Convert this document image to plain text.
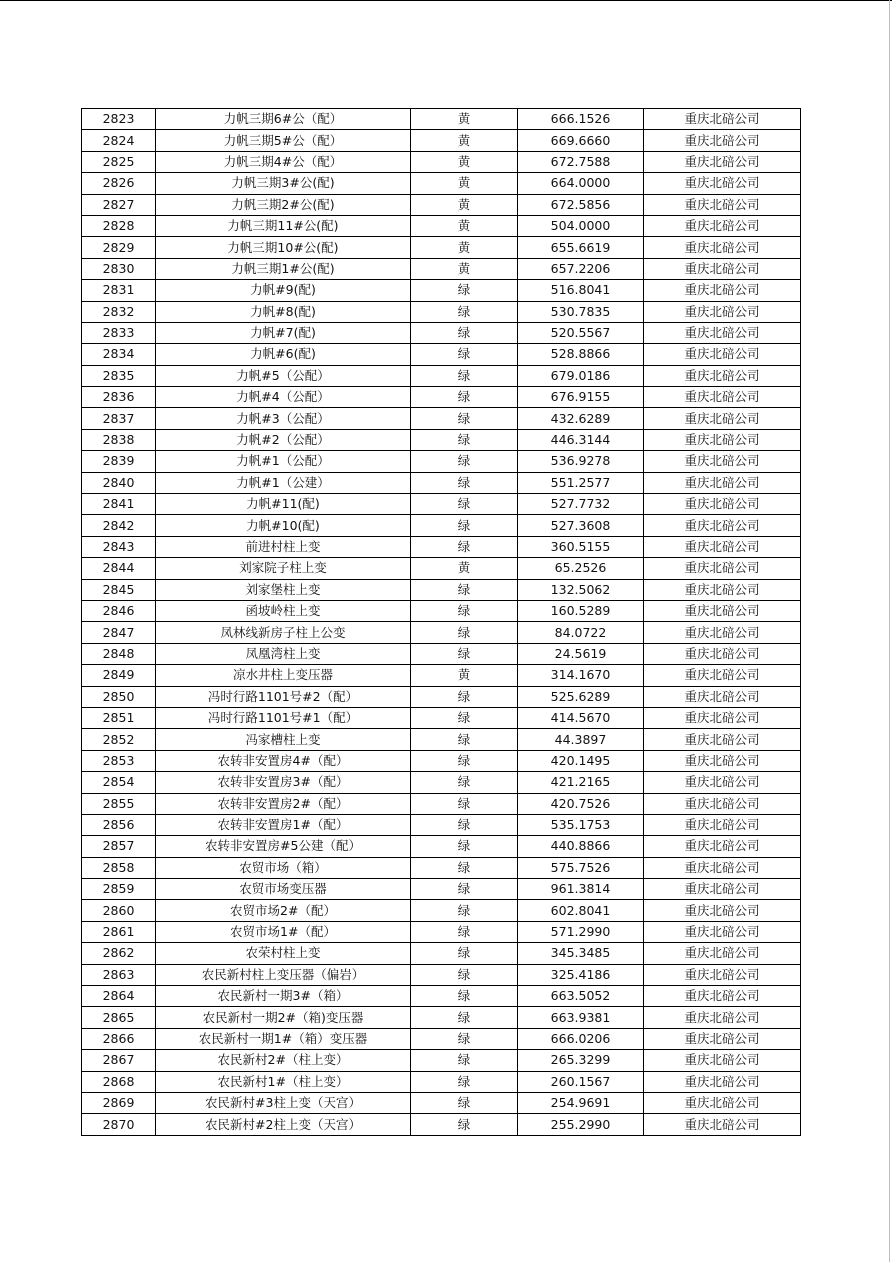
2823	力帆三期6#公（配）	黄	666.1526	重庆北碚公司
2824	力帆三期5#公（配）	黄	669.6660	重庆北碚公司
2825	力帆三期4#公（配）	黄	672.7588	重庆北碚公司
2826	力帆三期3#公(配)	黄	664.0000	重庆北碚公司
2827	力帆三期2#公(配)	黄	672.5856	重庆北碚公司
2828	力帆三期11#公(配)	黄	504.0000	重庆北碚公司
2829	力帆三期10#公(配)	黄	655.6619	重庆北碚公司
2830	力帆三期1#公(配)	黄	657.2206	重庆北碚公司
2831	力帆#9(配)	绿	516.8041	重庆北碚公司
2832	力帆#8(配)	绿	530.7835	重庆北碚公司
2833	力帆#7(配)	绿	520.5567	重庆北碚公司
2834	力帆#6(配)	绿	528.8866	重庆北碚公司
2835	力帆#5（公配）	绿	679.0186	重庆北碚公司
2836	力帆#4（公配）	绿	676.9155	重庆北碚公司
2837	力帆#3（公配）	绿	432.6289	重庆北碚公司
2838	力帆#2（公配）	绿	446.3144	重庆北碚公司
2839	力帆#1（公配）	绿	536.9278	重庆北碚公司
2840	力帆#1（公建）	绿	551.2577	重庆北碚公司
2841	力帆#11(配)	绿	527.7732	重庆北碚公司
2842	力帆#10(配)	绿	527.3608	重庆北碚公司
2843	前进村柱上变	绿	360.5155	重庆北碚公司
2844	刘家院子柱上变	黄	65.2526	重庆北碚公司
2845	刘家堡柱上变	绿	132.5062	重庆北碚公司
2846	函坡岭柱上变	绿	160.5289	重庆北碚公司
2847	凤林线新房子柱上公变	绿	84.0722	重庆北碚公司
2848	凤凰湾柱上变	绿	24.5619	重庆北碚公司
2849	凉水井柱上变压器	黄	314.1670	重庆北碚公司
2850	冯时行路1101号#2（配）	绿	525.6289	重庆北碚公司
2851	冯时行路1101号#1（配）	绿	414.5670	重庆北碚公司
2852	冯家槽柱上变	绿	44.3897	重庆北碚公司
2853	农转非安置房4#（配）	绿	420.1495	重庆北碚公司
2854	农转非安置房3#（配）	绿	421.2165	重庆北碚公司
2855	农转非安置房2#（配）	绿	420.7526	重庆北碚公司
2856	农转非安置房1#（配）	绿	535.1753	重庆北碚公司
2857	农转非安置房#5公建（配）	绿	440.8866	重庆北碚公司
2858	农贸市场（箱）	绿	575.7526	重庆北碚公司
2859	农贸市场变压器	绿	961.3814	重庆北碚公司
2860	农贸市场2#（配）	绿	602.8041	重庆北碚公司
2861	农贸市场1#（配）	绿	571.2990	重庆北碚公司
2862	农荣村柱上变	绿	345.3485	重庆北碚公司
2863	农民新村柱上变压器（偏岩）	绿	325.4186	重庆北碚公司
2864	农民新村一期3#（箱）	绿	663.5052	重庆北碚公司
2865	农民新村一期2#（箱)变压器	绿	663.9381	重庆北碚公司
2866	农民新村一期1#（箱）变压器	绿	666.0206	重庆北碚公司
2867	农民新村2#（柱上变）	绿	265.3299	重庆北碚公司
2868	农民新村1#（柱上变）	绿	260.1567	重庆北碚公司
2869	农民新村#3柱上变（天宫）	绿	254.9691	重庆北碚公司
2870	农民新村#2柱上变（天宫）	绿	255.2990	重庆北碚公司
